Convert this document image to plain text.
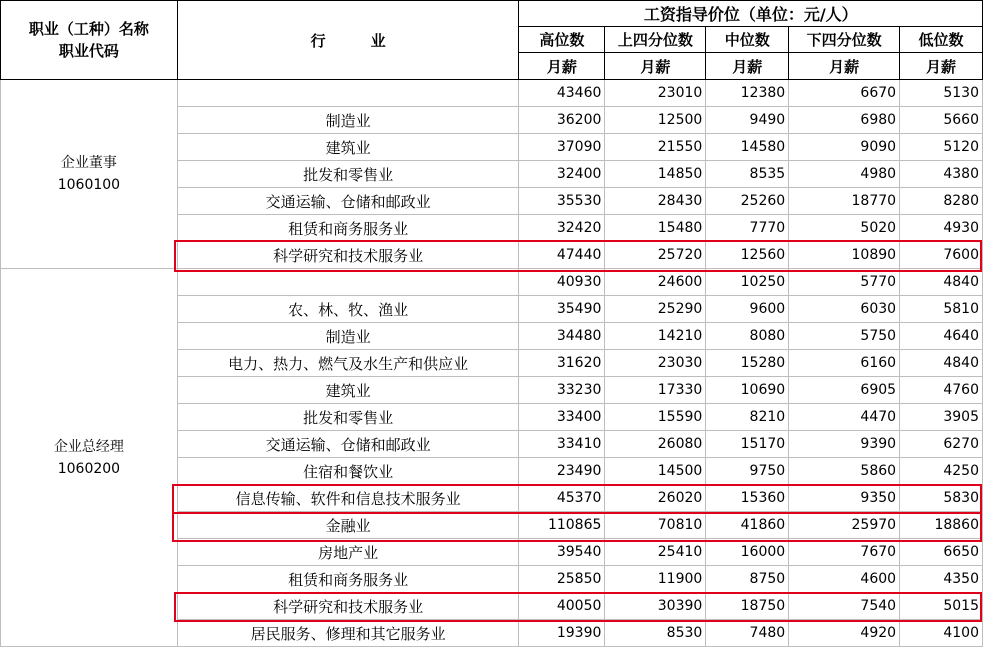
职业（工种）名称
职业代码	行　　　业	工资指导价位（单位：元/人）				
		高位数	上四分位数	中位数	下四分位数	低位数
		月薪	月薪	月薪	月薪	月薪

企业董事
1060100		43460	23010	12380	6670	5130
	制造业	36200	12500	9490	6980	5660
	建筑业	37090	21550	14580	9090	5120
	批发和零售业	32400	14850	8535	4980	4380
	交通运输、仓储和邮政业	35530	28430	25260	18770	8280
	租赁和商务服务业	32420	15480	7770	5020	4930
	科学研究和技术服务业	47440	25720	12560	10890	7600

企业总经理
1060200		40930	24600	10250	5770	4840
	农、林、牧、渔业	35490	25290	9600	6030	5810
	制造业	34480	14210	8080	5750	4640
	电力、热力、燃气及水生产和供应业	31620	23030	15280	6160	4840
	建筑业	33230	17330	10690	6905	4760
	批发和零售业	33400	15590	8210	4470	3905
	交通运输、仓储和邮政业	33410	26080	15170	9390	6270
	住宿和餐饮业	23490	14500	9750	5860	4250
	信息传输、软件和信息技术服务业	45370	26020	15360	9350	5830
	金融业	110865	70810	41860	25970	18860
	房地产业	39540	25410	16000	7670	6650
	租赁和商务服务业	25850	11900	8750	4600	4350
	科学研究和技术服务业	40050	30390	18750	7540	5015
	居民服务、修理和其它服务业	19390	8530	7480	4920	4100
